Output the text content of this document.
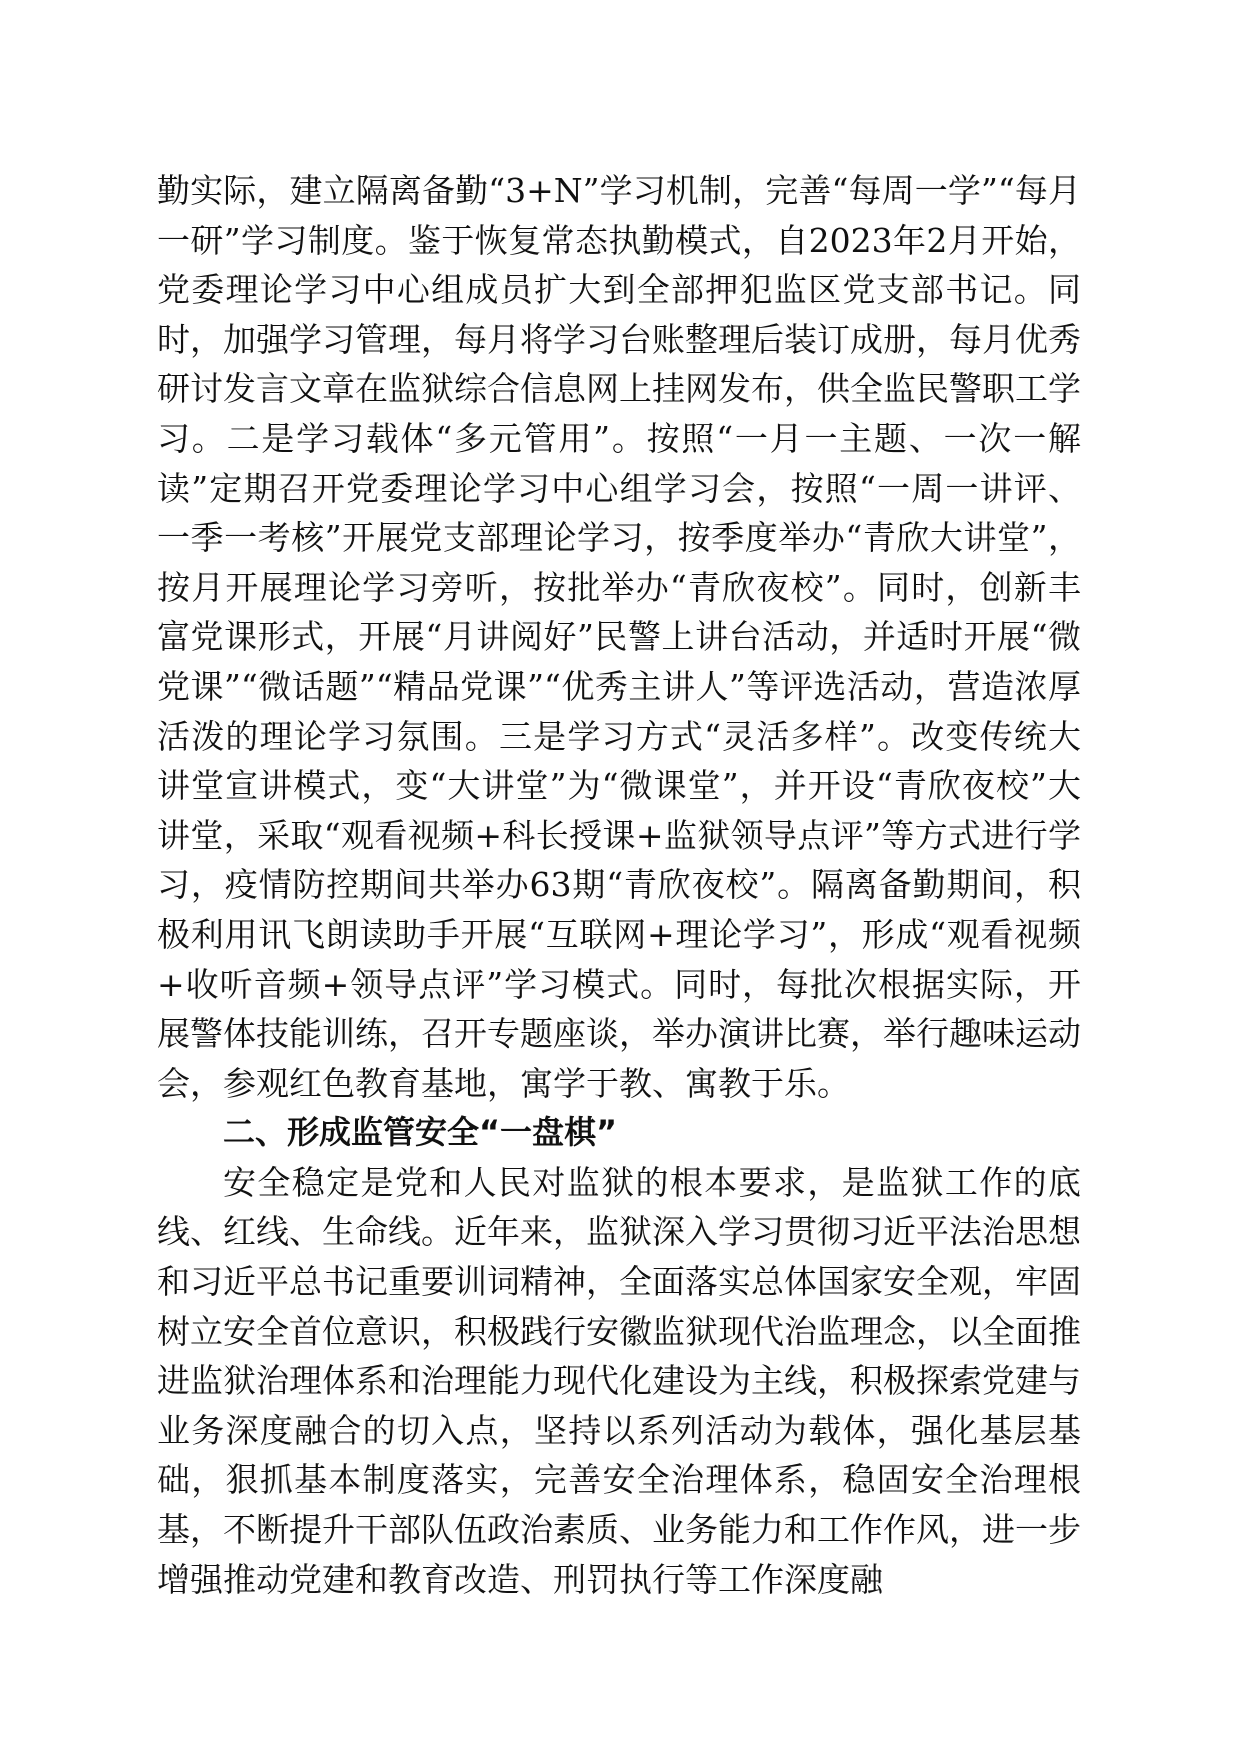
勤实际，建立隔离备勤“3+N”学习机制，完善“每周一学”“每月一研”学习制度。鉴于恢复常态执勤模式，自2023年2月开始，党委理论学习中心组成员扩大到全部押犯监区党支部书记。同时，加强学习管理，每月将学习台账整理后装订成册，每月优秀研讨发言文章在监狱综合信息网上挂网发布，供全监民警职工学习。二是学习载体“多元管用”。按照“一月一主题、一次一解读”定期召开党委理论学习中心组学习会，按照“一周一讲评、一季一考核”开展党支部理论学习，按季度举办“青欣大讲堂”，按月开展理论学习旁听，按批举办“青欣夜校”。同时，创新丰富党课形式，开展“月讲阅好”民警上讲台活动，并适时开展“微党课”“微话题”“精品党课”“优秀主讲人”等评选活动，营造浓厚活泼的理论学习氛围。三是学习方式“灵活多样”。改变传统大讲堂宣讲模式，变“大讲堂”为“微课堂”，并开设“青欣夜校”大讲堂，采取“观看视频+科长授课+监狱领导点评”等方式进行学习，疫情防控期间共举办63期“青欣夜校”。隔离备勤期间，积极利用讯飞朗读助手开展“互联网+理论学习”，形成“观看视频+收听音频+领导点评”学习模式。同时，每批次根据实际，开展警体技能训练，召开专题座谈，举办演讲比赛，举行趣味运动会，参观红色教育基地，寓学于教、寓教于乐。

二、形成监管安全“一盘棋”

安全稳定是党和人民对监狱的根本要求，是监狱工作的底线、红线、生命线。近年来，监狱深入学习贯彻习近平法治思想和习近平总书记重要训词精神，全面落实总体国家安全观，牢固树立安全首位意识，积极践行安徽监狱现代治监理念，以全面推进监狱治理体系和治理能力现代化建设为主线，积极探索党建与业务深度融合的切入点，坚持以系列活动为载体，强化基层基础，狠抓基本制度落实，完善安全治理体系，稳固安全治理根基，不断提升干部队伍政治素质、业务能力和工作作风，进一步增强推动党建和教育改造、刑罚执行等工作深度融
